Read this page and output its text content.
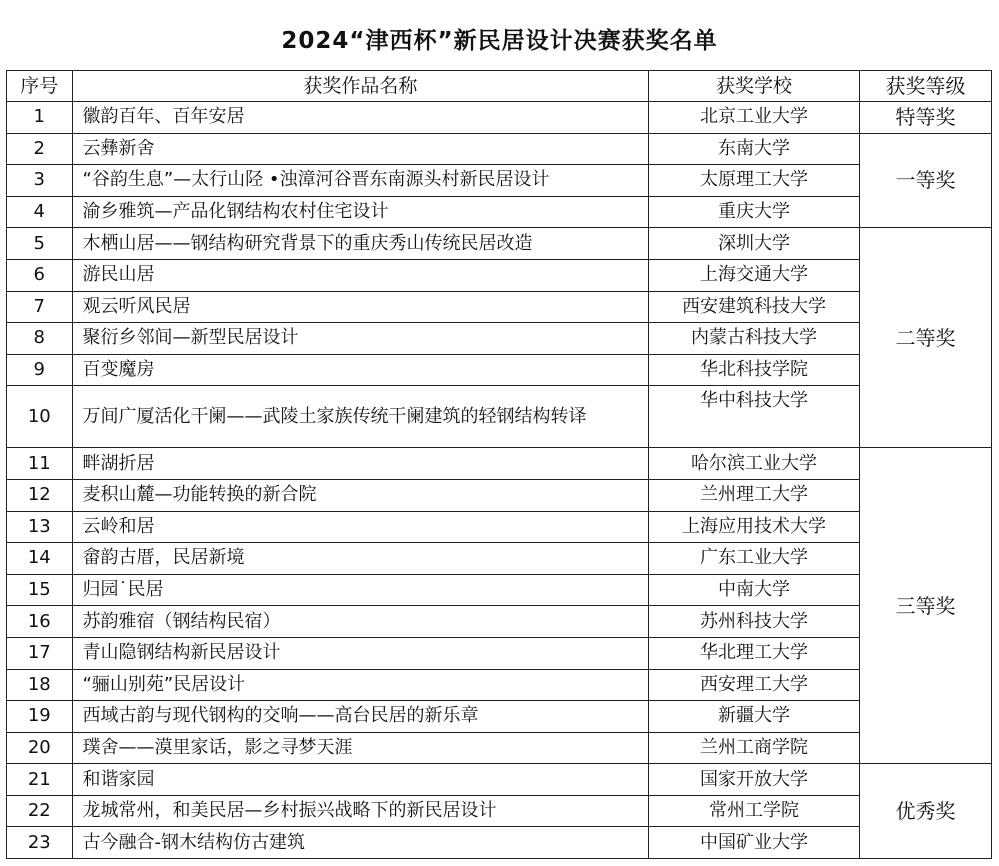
2024“津西杯”新民居设计决赛获奖名单
序号	获奖作品名称	获奖学校	获奖等级
1	徽韵百年、百年安居	北京工业大学	特等奖
2	云彝新舍	东南大学	一等奖
3	“谷韵生息”—太行山陉 •浊漳河谷晋东南源头村新民居设计	太原理工大学	
4	渝乡雅筑—产品化钢结构农村住宅设计	重庆大学	
5	木栖山居——钢结构研究背景下的重庆秀山传统民居改造	深圳大学	二等奖
6	游民山居	上海交通大学	
7	观云听风民居	西安建筑科技大学	
8	聚衍乡邻间—新型民居设计	内蒙古科技大学	
9	百变魔房	华北科技学院	
10	万间广厦活化干阑——武陵土家族传统干阑建筑的轻钢结构转译	华中科技大学	
11	畔湖折居	哈尔滨工业大学	三等奖
12	麦积山麓—功能转换的新合院	兰州理工大学	
13	云岭和居	上海应用技术大学	
14	畲韵古厝，民居新境	广东工业大学	
15	归园˙民居	中南大学	
16	苏韵雅宿（钢结构民宿）	苏州科技大学	
17	青山隐钢结构新民居设计	华北理工大学	
18	“骊山别苑”民居设计	西安理工大学	
19	西域古韵与现代钢构的交响——高台民居的新乐章	新疆大学	
20	璞舍——漠里家话，影之寻梦天涯	兰州工商学院	
21	和谐家园	国家开放大学	优秀奖
22	龙城常州，和美民居—乡村振兴战略下的新民居设计	常州工学院	
23	古今融合-钢木结构仿古建筑	中国矿业大学	
